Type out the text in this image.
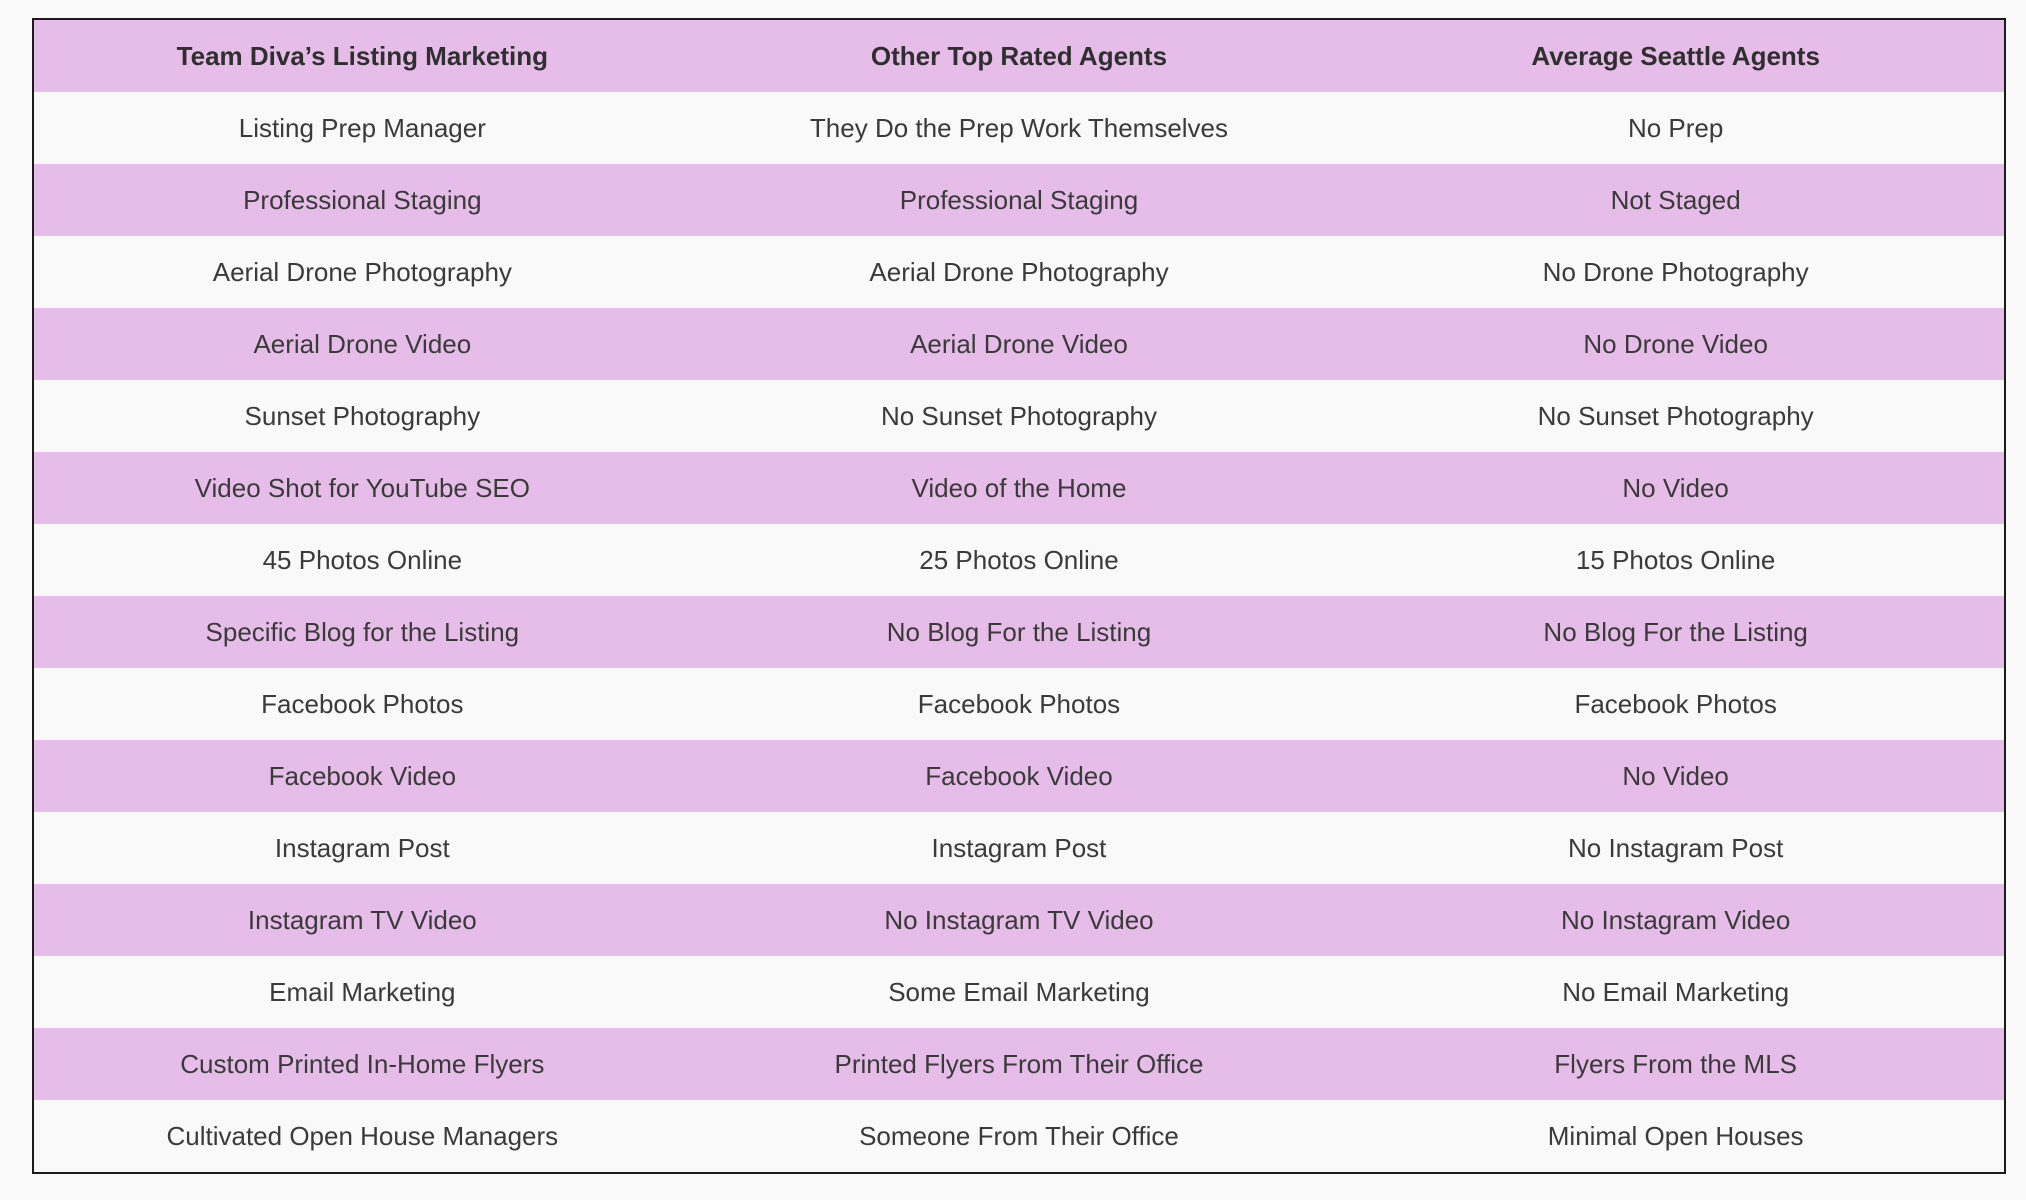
Team Diva’s Listing Marketing	Other Top Rated Agents	Average Seattle Agents
Listing Prep Manager	They Do the Prep Work Themselves	No Prep
Professional Staging	Professional Staging	Not Staged
Aerial Drone Photography	Aerial Drone Photography	No Drone Photography
Aerial Drone Video	Aerial Drone Video	No Drone Video
Sunset Photography	No Sunset Photography	No Sunset Photography
Video Shot for YouTube SEO	Video of the Home	No Video
45 Photos Online	25 Photos Online	15 Photos Online
Specific Blog for the Listing	No Blog For the Listing	No Blog For the Listing
Facebook Photos	Facebook Photos	Facebook Photos
Facebook Video	Facebook Video	No Video
Instagram Post	Instagram Post	No Instagram Post
Instagram TV Video	No Instagram TV Video	No Instagram Video
Email Marketing	Some Email Marketing	No Email Marketing
Custom Printed In-Home Flyers	Printed Flyers From Their Office	Flyers From the MLS
Cultivated Open House Managers	Someone From Their Office	Minimal Open Houses
